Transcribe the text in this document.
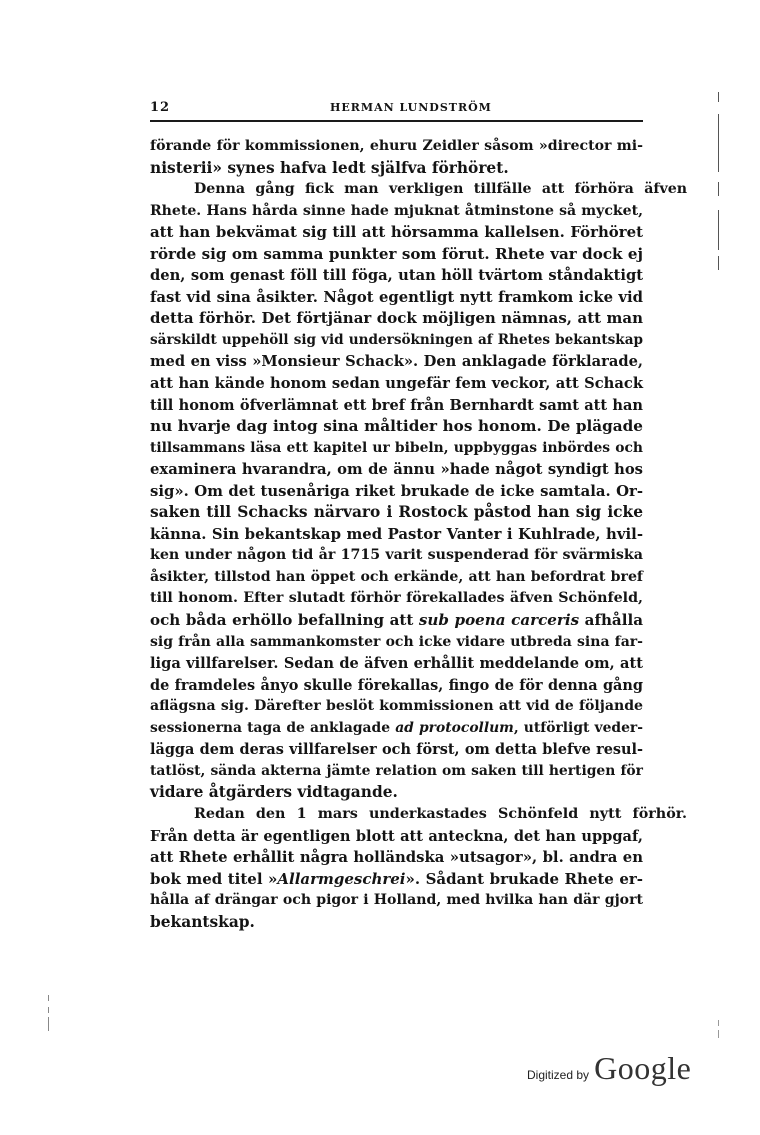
12	HERMAN LUNDSTRÖM
förande för kommissionen, ehuru Zeidler såsom »director mi-
nisterii» synes hafva ledt själfva förhöret.
Denna gång fick man verkligen tillfälle att förhöra äfven
Rhete. Hans hårda sinne hade mjuknat åtminstone så mycket,
att han bekvämat sig till att hörsamma kallelsen. Förhöret
rörde sig om samma punkter som förut. Rhete var dock ej
den, som genast föll till föga, utan höll tvärtom ståndaktigt
fast vid sina åsikter. Något egentligt nytt framkom icke vid
detta förhör. Det förtjänar dock möjligen nämnas, att man
särskildt uppehöll sig vid undersökningen af Rhetes bekantskap
med en viss »Monsieur Schack». Den anklagade förklarade,
att han kände honom sedan ungefär fem veckor, att Schack
till honom öfverlämnat ett bref från Bernhardt samt att han
nu hvarje dag intog sina måltider hos honom. De plägade
tillsammans läsa ett kapitel ur bibeln, uppbyggas inbördes och
examinera hvarandra, om de ännu »hade något syndigt hos
sig». Om det tusenåriga riket brukade de icke samtala. Or-
saken till Schacks närvaro i Rostock påstod han sig icke
känna. Sin bekantskap med Pastor Vanter i Kuhlrade, hvil-
ken under någon tid år 1715 varit suspenderad för svärmiska
åsikter, tillstod han öppet och erkände, att han befordrat bref
till honom. Efter slutadt förhör förekallades äfven Schönfeld,
och båda erhöllo befallning att sub poena carceris afhålla
sig från alla sammankomster och icke vidare utbreda sina far-
liga villfarelser. Sedan de äfven erhållit meddelande om, att
de framdeles ånyo skulle förekallas, fingo de för denna gång
aflägsna sig. Därefter beslöt kommissionen att vid de följande
sessionerna taga de anklagade ad protocollum, utförligt veder-
lägga dem deras villfarelser och först, om detta blefve resul-
tatlöst, sända akterna jämte relation om saken till hertigen för
vidare åtgärders vidtagande.
Redan den 1 mars underkastades Schönfeld nytt förhör.
Från detta är egentligen blott att anteckna, det han uppgaf,
att Rhete erhållit några holländska »utsagor», bl. andra en
bok med titel »Allarmgeschrei». Sådant brukade Rhete er-
hålla af drängar och pigor i Holland, med hvilka han där gjort
bekantskap.
Digitized by Google
